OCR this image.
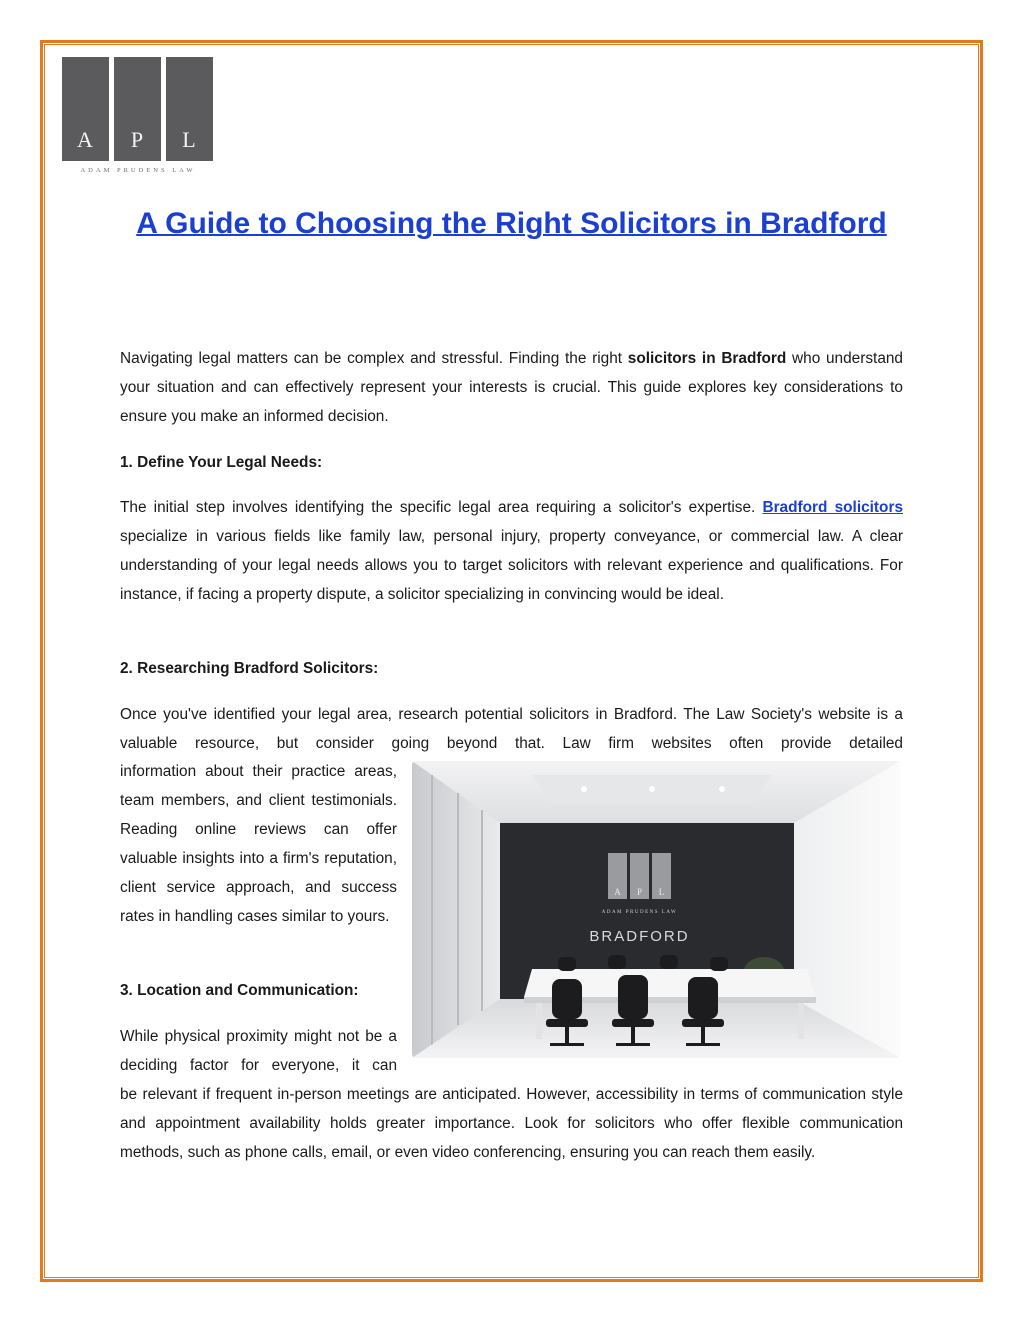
A	P	L
ADAM PRUDENS LAW
A Guide to Choosing the Right Solicitors in Bradford

Navigating legal matters can be complex and stressful. Finding the right solicitors in Bradford who understand your situation and can effectively represent your interests is crucial. This guide explores key considerations to ensure you make an informed decision.

1. Define Your Legal Needs:

The initial step involves identifying the specific legal area requiring a solicitor's expertise. Bradford solicitors specialize in various fields like family law, personal injury, property conveyance, or commercial law. A clear understanding of your legal needs allows you to target solicitors with relevant experience and qualifications. For instance, if facing a property dispute, a solicitor specializing in convincing would be ideal.

2. Researching Bradford Solicitors:

Once you've identified your legal area, research potential solicitors in Bradford. The Law Society's website is a valuable resource, but consider going beyond that. Law firm websites often provide detailed

information about their practice areas, team members, and client testimonials. Reading online reviews can offer valuable insights into a firm's reputation, client service approach, and success rates in handling cases similar to yours.

3. Location and Communication:

While physical proximity might not be a deciding factor for everyone, it can

be relevant if frequent in-person meetings are anticipated. However, accessibility in terms of communication style and appointment availability holds greater importance. Look for solicitors who offer flexible communication methods, such as phone calls, email, or even video conferencing, ensuring you can reach them easily.

A P L
ADAM PRUDENS LAW
BRADFORD
